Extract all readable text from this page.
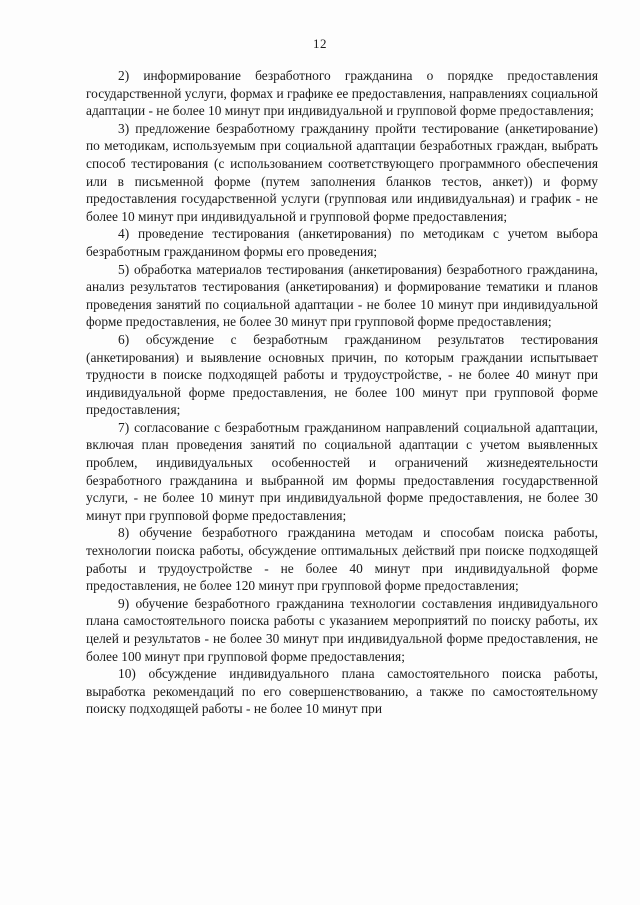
12

2) информирование безработного гражданина о порядке предоставления государственной услуги, формах и графике ее предоставления, направлениях социальной адаптации - не более 10 минут при индивидуальной и групповой форме предоставления;

3) предложение безработному гражданину пройти тестирование (анкетирование) по методикам, используемым при социальной адаптации безработных граждан, выбрать способ тестирования (с использованием соответствующего программного обеспечения или в письменной форме (путем заполнения бланков тестов, анкет)) и форму предоставления государственной услуги (групповая или индивидуальная) и график - не более 10 минут при индивидуальной и групповой форме предоставления;

4) проведение тестирования (анкетирования) по методикам с учетом выбора безработным гражданином формы его проведения;

5) обработка материалов тестирования (анкетирования) безработного гражданина, анализ результатов тестирования (анкетирования) и формирование тематики и планов проведения занятий по социальной адаптации - не более 10 минут при индивидуальной форме предоставления, не более 30 минут при групповой форме предоставления;

6) обсуждение с безработным гражданином результатов тестирования (анкетирования) и выявление основных причин, по которым граждании испытывает трудности в поиске подходящей работы и трудоустройстве, - не более 40 минут при индивидуальной форме предоставления, не более 100 минут при групповой форме предоставления;

7) согласование с безработным гражданином направлений социальной адаптации, включая план проведения занятий по социальной адаптации с учетом выявленных проблем, индивидуальных особенностей и ограничений жизнедеятельности безработного гражданина и выбранной им формы предоставления государственной услуги, - не более 10 минут при индивидуальной форме предоставления, не более 30 минут при групповой форме предоставления;

8) обучение безработного гражданина методам и способам поиска работы, технологии поиска работы, обсуждение оптимальных действий при поиске подходящей работы и трудоустройстве - не более 40 минут при индивидуальной форме предоставления, не более 120 минут при групповой форме предоставления;

9) обучение безработного гражданина технологии составления индивидуального плана самостоятельного поиска работы с указанием мероприятий по поиску работы, их целей и результатов - не более 30 минут при индивидуальной форме предоставления, не более 100 минут при групповой форме предоставления;

10) обсуждение индивидуального плана самостоятельного поиска работы, выработка рекомендаций по его совершенствованию, а также по самостоятельному поиску подходящей работы - не более 10 минут при
